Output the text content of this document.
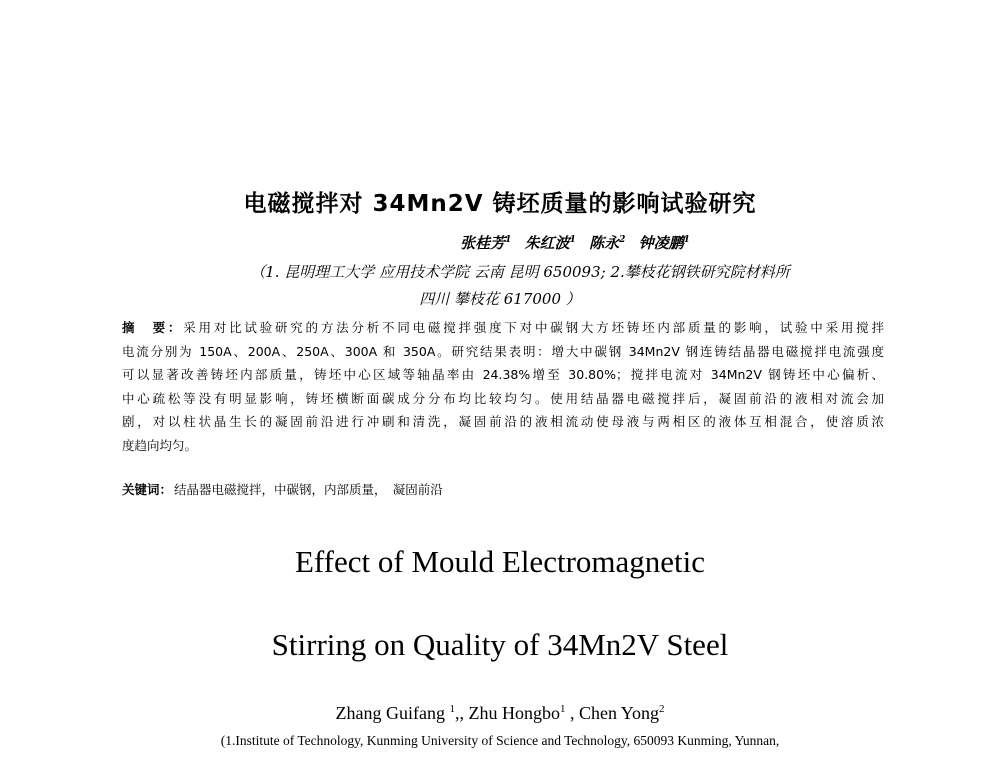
电磁搅拌对 34Mn2V 铸坯质量的影响试验研究
张桂芳$^1$ 朱红波$^1$ 陈永$^2$ 钟凌鹏$^1$
（1. 昆明理工大学 应用技术学院 云南 昆明 650093; 2.攀枝花钢铁研究院材料所
四川 攀枝花 617000 ）
摘　要：采用对比试验研究的方法分析不同电磁搅拌强度下对中碳钢大方坯铸坯内部质量的影响，试验中采用搅拌
电流分别为 150A、200A、250A、300A 和 350A。研究结果表明：增大中碳钢 34Mn2V 钢连铸结晶器电磁搅拌电流强度
可以显著改善铸坯内部质量，铸坯中心区域等轴晶率由 24.38%增至 30.80%；搅拌电流对 34Mn2V 钢铸坯中心偏析、
中心疏松等没有明显影响，铸坯横断面碳成分分布均比较均匀。使用结晶器电磁搅拌后，凝固前沿的液相对流会加
剧，对以柱状晶生长的凝固前沿进行冲刷和清洗，凝固前沿的液相流动使母液与两相区的液体互相混合，使溶质浓
度趋向均匀。
关键词： 结晶器电磁搅拌，中碳钢，内部质量，　凝固前沿
Effect of Mould Electromagnetic
Stirring on Quality of 34Mn2V Steel
Zhang Guifang $^1$,, Zhu Hongbo$^1$ , Chen Yong$^2$
(1.Institute of Technology, Kunming University of Science and Technology, 650093 Kunming, Yunnan,
